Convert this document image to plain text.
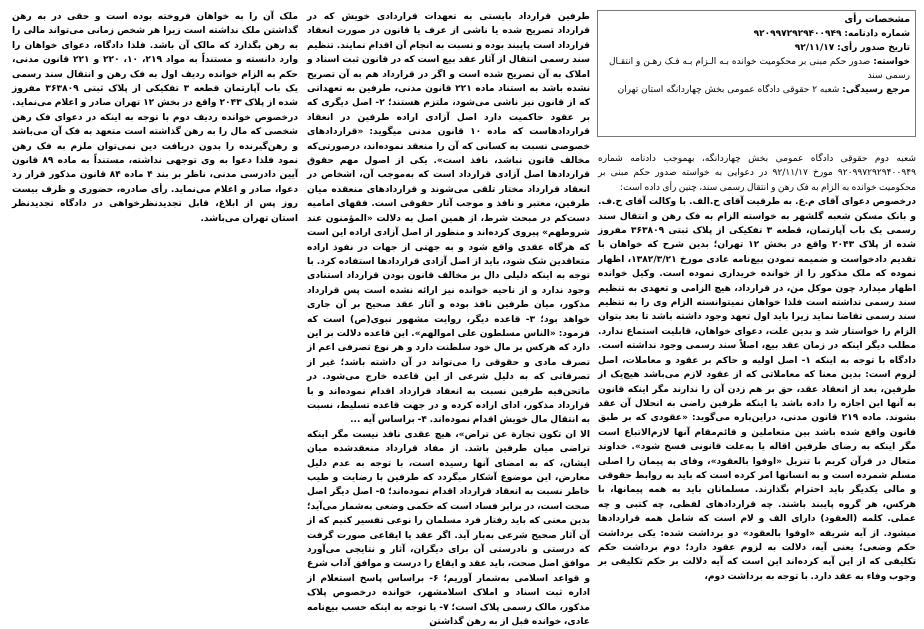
مشخصات رأی
شماره دادنامه: ۹۲۰۹۹۷۲۹۲۹۴۰۰۹۴۹
تاریخ صدور رأی: ۹۲/۱۱/۱۷
خواسته: صدور حکم مبنی بر محکومیت خوانده بـه الـزام بـه فـک رهـن و انتقـال رسمی سند
مرجع رسیدگی: شعبه ۲ حقوقی دادگاه عمومی بخش چهاردانگه استان تهران

شعبه دوم حقوقی دادگاه عمومی بخش چهاردانگه، بهموجب دادنامه شماره ۹۲۰۹۹۷۲۹۲۹۴۰۰۹۴۹ مورخ ۹۲/۱۱/۱۷ در دعوایی به خواسته صدور حکم مبنی بر محکومیت خوانده به الزام به فک رهن و انتقال رسمی سند، چنین رأی داده است:

درخصوص دعوای آقای م.ع. به طرفیت آقای ح.الف. با وکالت آقای ح.ف. و بانک مسکن شعبه گلشهر به خواسته الزام به فک رهن و انتقال سند رسمی یک باب آپارتمان، قطعه ۳ تفکیکی از پلاک ثبتی ۳۶۳۸۰۹ مفروز شده از پلاک ۲۰۴۳ واقع در بخش ۱۲ تهران؛ بدین شرح که خواهان با تقدیم دادخواست و ضمیمه نمودن بیع‌نامه عادی مورخ ۱۳۸۲/۳/۲۱، اظهار نموده که ملک مذکور را از خوانده خریداری نموده است. وکیل خوانده اظهار میدارد چون موکل من، در قرارداد، هیچ الزامی و تعهدی به تنظیم سند رسمی نداشته است فلذا خواهان نمیتوانسته الزام وی را به تنظیم سند رسمی تقاضا نماید زیرا باید اول تعهد وجود داشته باشد تا بعد بتوان الزام را خواستار شد و بدین علت، دعوای خواهان، قابلیت استماع ندارد. مطلب دیگر اینکه در زمان عقد بیع، اصلاً سند رسمی وجود نداشته است. دادگاه با توجه به اینکه ۱- اصل اولیه و حاکم بر عقود و معاملات، اصل لزوم است: بدین معنا که معاملاتی که از عقود لازم می‌باشد هیچ‌یک از طرفین، بعد از انعقاد عقد، حق بر هم زدن آن را ندارند مگر اینکه قانون به آنها این اجازه را داده باشد یا اینکه طرفین راضی به انحلال آن عقد بشوند. ماده ۲۱۹ قانون مدنی، دراین‌باره می‌گوید: «عقودی که بر طبق قانون واقع شده باشد بین متعاملین و قائم‌مقام آنها لازم‌الاتباع است مگر اینکه به رضای طرفین اقاله یا به‌علت قانونی فسخ شود». خداوند متعال در قرآن کریم با تنزیل «اوفوا بالعقود»، وفای به پیمان را اصلی مسلم شمرده است و به انسانها امر کرده است که باید به روابط حقوقی و مالی یکدیگر باید احترام بگذارند. مسلمانان باید به همه پیمانها، با هرکس، هر گروه پایبند باشند. چه قراردادهای لفظی، چه کتبی و چه عملی. کلمه (العقود) دارای الف و لام است که شامل همه قراردادها میشود. از آیه شریفه «اوفوا بالعقود» دو برداشت شده: یکی برداشت حکم وضعی؛ یعنی آیه، دلالت به لزوم عقود دارد؛ دوم برداشت حکم تکلیفی که از این آیه کرده‌اند این است که آیه دلالت بر حکم تکلیفی بر وجوب وفاء به عقد دارد. با توجه به برداشت دوم،

طرفین قرارداد بایستی به تعهدات قراردادی خویش که در قرارداد تصریح شده یا ناشی از عرف یا قانون در صورت انعقاد قرارداد است پایبند بوده و نسبت به انجام آن اقدام نمایند. تنظیم سند رسمی انتقال از آثار عقد بیع است که در قانون ثبت اسناد و املاک به آن تصریح شده است و اگر در قرارداد هم به آن تصریح نشده باشد به استناد ماده ۲۲۱ قانون مدنی، طرفین به تعهداتی که از قانون نیز ناشی می‌شود، ملتزم هستند؛ ۲- اصل دیگری که بر عقود حاکمیت دارد اصل آزادی اراده طرفین در انعقاد قراردادهاست که ماده ۱۰ قانون مدنی میگوید: «قراردادهای خصوصی نسبت به کسانی که آن را منعقد نموده‌اند، درصورتی‌که مخالف قانون نباشد، نافذ است». یکی از اصول مهم حقوق قراردادها اصل آزادی قرارداد است که به‌موجب آن، اشخاص در انعقاد قرارداد مختار تلقی می‌شوند و قراردادهای منعقده میان طرفین، معتبر و نافذ و موجب آثار حقوقی است. فقهای امامیه دست‌کم در مبحث شرط، از همین اصل به دلالت «المؤمنون عند شروطهم» پیروی کرده‌اند و منظور از اصل آزادی اراده این است که هرگاه عقدی واقع شود و به جهتی از جهات در نفوذ اراده متعاقدین شک شود، باید از اصل آزادی قراردادها استفاده کرد. با توجه به اینکه دلیلی دال بر مخالف قانون بودن قرارداد استنادی وجود ندارد و از ناحیه خوانده نیز ارائه نشده است پس قرارداد مذکور، میان طرفین نافذ بوده و آثار عقد صحیح بر آن جاری خواهد بود؛ ۳- قاعده دیگر، روایت مشهور نبوی(ص) است که فرمود: «الناس مسلطون علی اموالهم». این قاعده دلالت بر این دارد که هرکس بر مال خود سلطنت دارد و هر نوع تصرفی اعم از تصرف مادی و حقوقی را می‌تواند در آن داشته باشد؛ غیر از تصرفاتی که به دلیل شرعی از این قاعده خارج می‌شود. در ماتحن‌فیه طرفین نسبت به انعقاد قرارداد اقدام نموده‌اند و با قرارداد مذکور، ادای اراده کرده و در جهت قاعده تسلیط، نسبت به انتقال مال خویش اقدام نموده‌اند. ۴- براساس آیه ...

الا ان تکون تجارة عن تراض»، هیچ عقدی نافذ نیست مگر اینکه تراضی میان طرفین باشد. از مفاد قرارداد منعقدشده میان ایشان، که به امضای آنها رسیده است، با توجه به عدم دلیل معارض، این موضوع آشکار میگردد که طرفین با رضایت و طیب خاطر نسبت به انعقاد قرارداد اقدام نموده‌اند؛ ۵- اصل دیگر اصل صحت است، در برابر فساد است که حکمی وضعی به‌شمار می‌آید؛ بدین معنی که باید رفتار فرد مسلمان را نوعی تفسیر کنیم که از آن آثار صحیح شرعی به‌بار آید. اگر عقد یا ایقاعی صورت گرفت که درستی و نادرستی آن برای دیگران، آثار و نتایجی می‌آورد موافق اصل صحت، باید عقد و ایقاع را درست و موافق آداب شرع و قواعد اسلامی به‌شمار آوریم؛ ۶- براساس پاسخ استعلام از اداره ثبت اسناد و املاک اسلامشهر، خوانده درخصوص پلاک مذکور، مالک رسمی پلاک است؛ ۷- با توجه به اینکه حسب بیع‌نامه عادی، خوانده قبل از به رهن گذاشتن

ملک آن را به خواهان فروخته بوده است و حقی در به رهن گذاشتن ملک نداشته است زیرا هر شخص زمانی می‌تواند مالی را به رهن بگذارد که مالک آن باشد. فلذا دادگاه، دعوای خواهان را وارد دانسته و مستنداً به مواد ۲۱۹، ۱۰، ۲۲۰ و ۲۲۱ قانون مدنی، حکم به الزام خوانده ردیف اول به فک رهن و انتقال سند رسمی یک باب آپارتمان قطعه ۳ تفکیکی از پلاک ثبتی ۳۶۳۸۰۹ مفروز شده از پلاک ۲۰۴۳ واقع در بخش ۱۲ تهران صادر و اعلام می‌نماید. درخصوص خوانده ردیف دوم با توجه به اینکه در دعوای فک رهن شخصی که مال را به رهن گذاشته است متعهد به فک آن می‌باشد و رهن‌گیرنده را بدون دریافت دین نمی‌توان ملزم به فک رهن نمود فلذا دعوا به وی توجهی نداشته، مستنداً به ماده ۸۹ قانون آیین دادرسی مدنی، ناظر بر بند ۴ ماده ۸۴ قانون مذکور قرار رد دعوا، صادر و اعلام می‌نماید. رأی صادره، حضوری و ظرف بیست روز پس از ابلاغ، قابل تجدیدنظرخواهی در دادگاه تجدیدنظر استان تهران می‌باشد.
